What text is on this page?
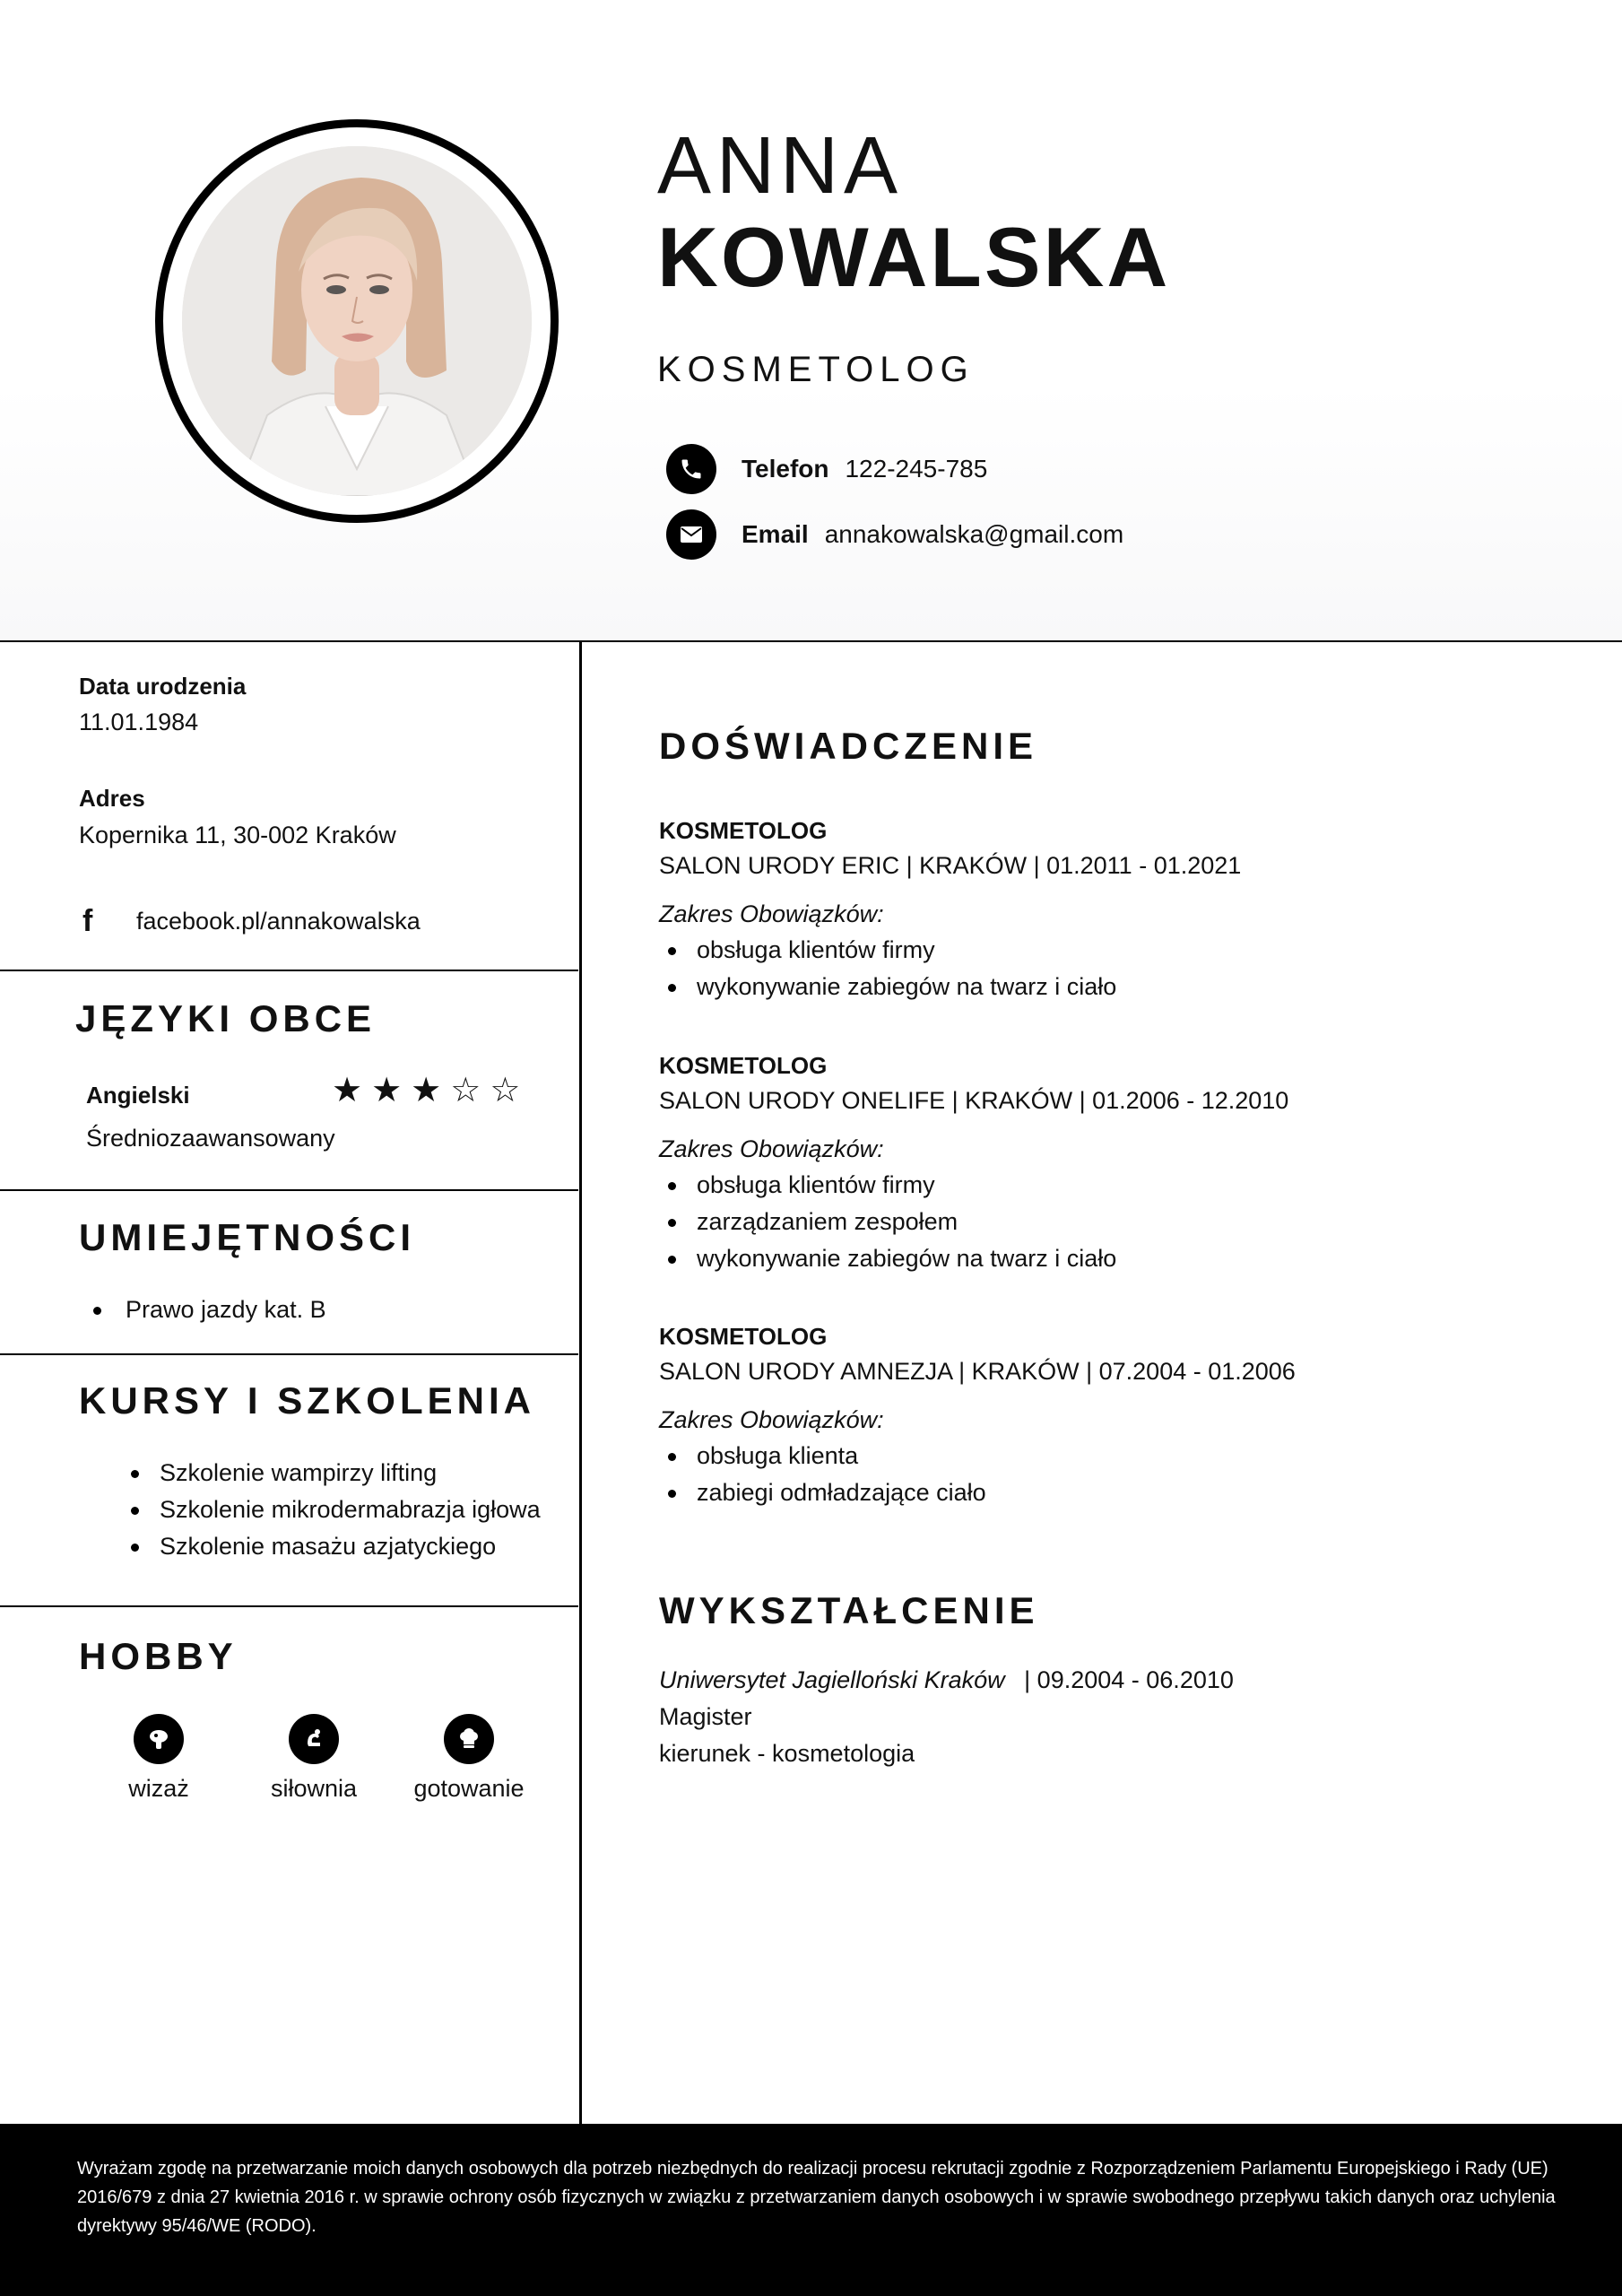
ANNA
KOWALSKA
KOSMETOLOG
Telefon 122-245-785
Email annakowalska@gmail.com
Data urodzenia
11.01.1984
Adres
Kopernika 11, 30-002 Kraków
f facebook.pl/annakowalska
JĘZYKI OBCE
Angielski	★★★☆☆
Średniozaawansowany
UMIEJĘTNOŚCI
Prawo jazdy kat. B
KURSY I SZKOLENIA
Szkolenie wampirzy lifting
Szkolenie mikrodermabrazja igłowa
Szkolenie masażu azjatyckiego
HOBBY
wizaż	siłownia	gotowanie
DOŚWIADCZENIE
KOSMETOLOG
SALON URODY ERIC | KRAKÓW | 01.2011 - 01.2021
Zakres Obowiązków:
obsługa klientów firmy
wykonywanie zabiegów na twarz i ciało
KOSMETOLOG
SALON URODY ONELIFE | KRAKÓW | 01.2006 - 12.2010
Zakres Obowiązków:
obsługa klientów firmy
zarządzaniem zespołem
wykonywanie zabiegów na twarz i ciało
KOSMETOLOG
SALON URODY AMNEZJA | KRAKÓW | 07.2004 - 01.2006
Zakres Obowiązków:
obsługa klienta
zabiegi odmładzające ciało
WYKSZTAŁCENIE
Uniwersytet Jagielloński Kraków | 09.2004 - 06.2010
Magister
kierunek - kosmetologia
Wyrażam zgodę na przetwarzanie moich danych osobowych dla potrzeb niezbędnych do realizacji procesu rekrutacji zgodnie z Rozporządzeniem Parlamentu Europejskiego i Rady (UE) 2016/679 z dnia 27 kwietnia 2016 r. w sprawie ochrony osób fizycznych w związku z przetwarzaniem danych osobowych i w sprawie swobodnego przepływu takich danych oraz uchylenia dyrektywy 95/46/WE (RODO).
